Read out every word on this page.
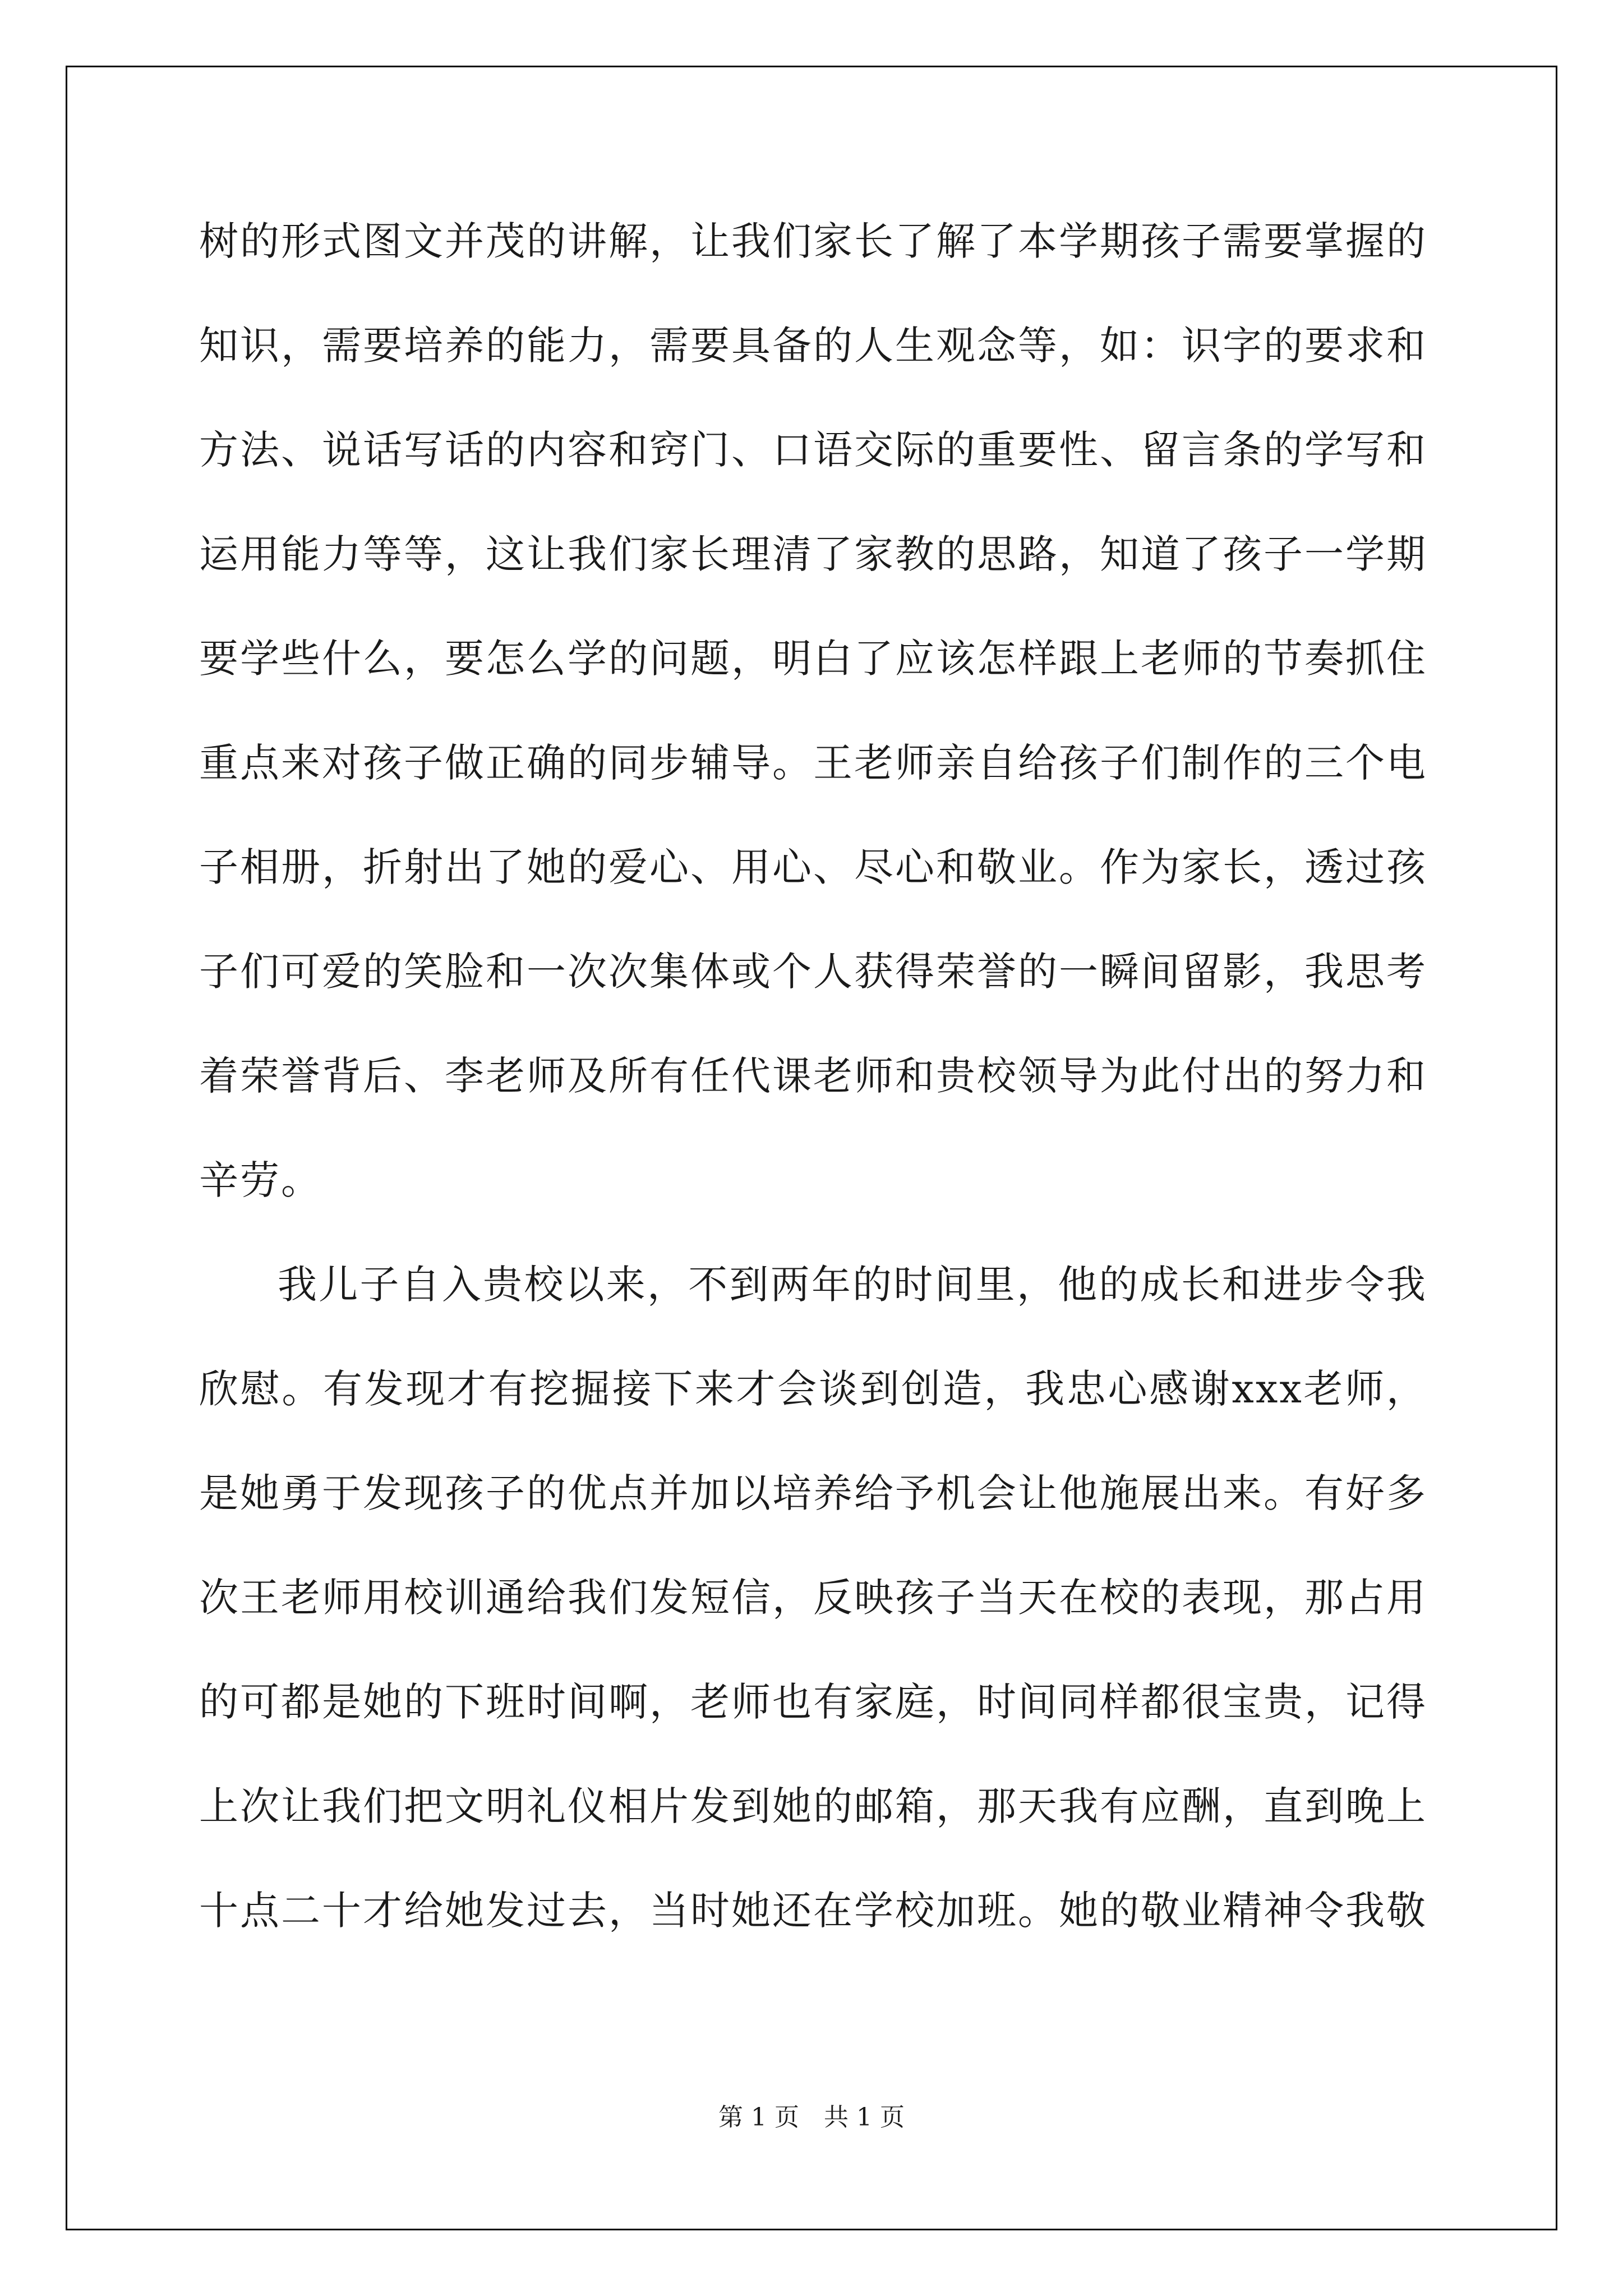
树 的 形 式 图 文 并 茂 的 讲 解 ， 让 我 们 家 长 了 解 了 本 学 期 孩 子 需 要 掌 握 的
知 识 ， 需 要 培 养 的 能 力 ， 需 要 具 备 的 人 生 观 念 等 ， 如 ： 识 字 的 要 求 和
方 法 、 说 话 写 话 的 内 容 和 窍 门 、 口 语 交 际 的 重 要 性 、 留 言 条 的 学 写 和
运 用 能 力 等 等 ， 这 让 我 们 家 长 理 清 了 家 教 的 思 路 ， 知 道 了 孩 子 一 学 期
要 学 些 什 么 ， 要 怎 么 学 的 问 题 ， 明 白 了 应 该 怎 样 跟 上 老 师 的 节 奏 抓 住
重 点 来 对 孩 子 做 正 确 的 同 步 辅 导 。 王 老 师 亲 自 给 孩 子 们 制 作 的 三 个 电
子 相 册 ， 折 射 出 了 她 的 爱 心 、 用 心 、 尽 心 和 敬 业 。 作 为 家 长 ， 透 过 孩
子 们 可 爱 的 笑 脸 和 一 次 次 集 体 或 个 人 获 得 荣 誉 的 一 瞬 间 留 影 ， 我 思 考
着 荣 誉 背 后 、 李 老 师 及 所 有 任 代 课 老 师 和 贵 校 领 导 为 此 付 出 的 努 力 和
辛劳。
我 儿 子 自 入 贵 校 以 来 ， 不 到 两 年 的 时 间 里 ， 他 的 成 长 和 进 步 令 我
欣 慰 。 有 发 现 才 有 挖 掘 接 下 来 才 会 谈 到 创 造 ， 我 忠 心 感 谢 xxx 老 师 ，
是 她 勇 于 发 现 孩 子 的 优 点 并 加 以 培 养 给 予 机 会 让 他 施 展 出 来 。 有 好 多
次 王 老 师 用 校 训 通 给 我 们 发 短 信 ， 反 映 孩 子 当 天 在 校 的 表 现 ， 那 占 用
的 可 都 是 她 的 下 班 时 间 啊 ， 老 师 也 有 家 庭 ， 时 间 同 样 都 很 宝 贵 ， 记 得
上 次 让 我 们 把 文 明 礼 仪 相 片 发 到 她 的 邮 箱 ， 那 天 我 有 应 酬 ， 直 到 晚 上
十 点 二 十 才 给 她 发 过 去 ， 当 时 她 还 在 学 校 加 班 。 她 的 敬 业 精 神 令 我 敬
第 1 页 共 1 页
